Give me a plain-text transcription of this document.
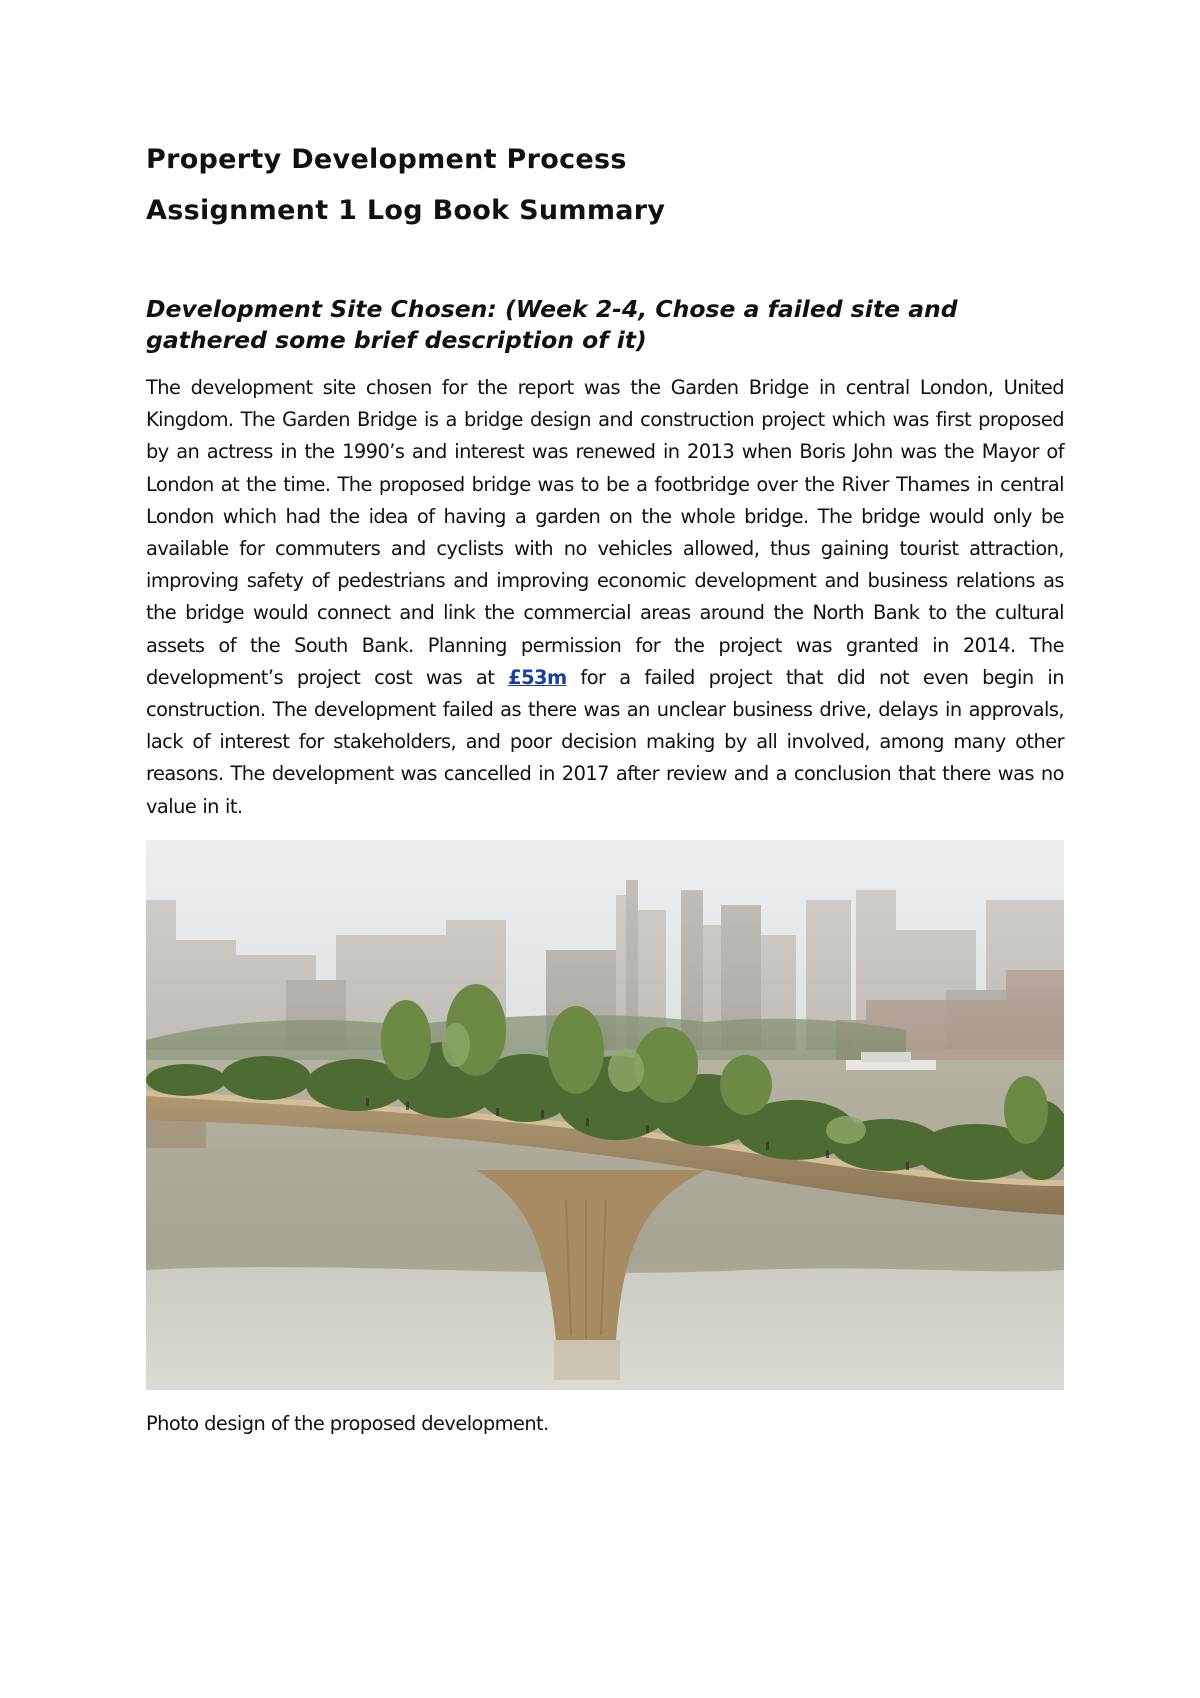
Property Development Process
Assignment 1 Log Book Summary
Development Site Chosen: (Week 2-4, Chose a failed site and gathered some brief description of it)

The development site chosen for the report was the Garden Bridge in central London, United Kingdom. The Garden Bridge is a bridge design and construction project which was first proposed by an actress in the 1990’s and interest was renewed in 2013 when Boris John was the Mayor of London at the time. The proposed bridge was to be a footbridge over the River Thames in central London which had the idea of having a garden on the whole bridge. The bridge would only be available for commuters and cyclists with no vehicles allowed, thus gaining tourist attraction, improving safety of pedestrians and improving economic development and business relations as the bridge would connect and link the commercial areas around the North Bank to the cultural assets of the South Bank. Planning permission for the project was granted in 2014. The development’s project cost was at £53m for a failed project that did not even begin in construction. The development failed as there was an unclear business drive, delays in approvals, lack of interest for stakeholders, and poor decision making by all involved, among many other reasons. The development was cancelled in 2017 after review and a conclusion that there was no value in it.

Photo design of the proposed development.
